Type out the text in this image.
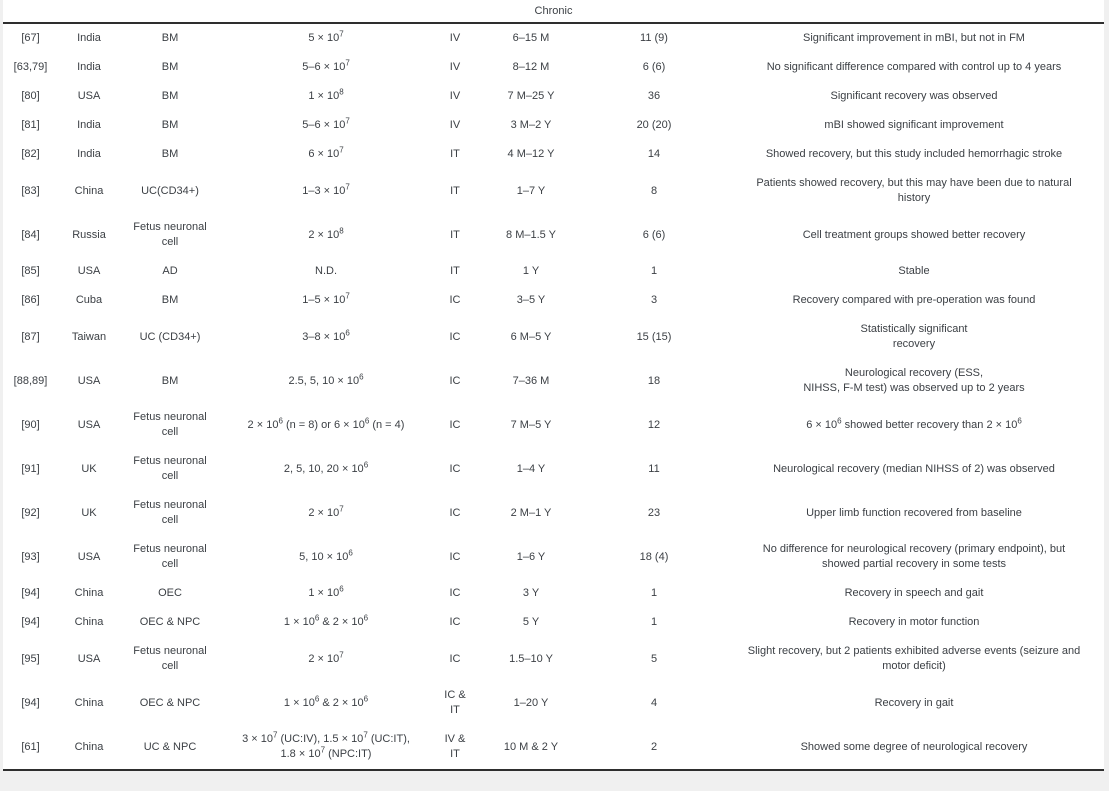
Chronic							
[67]	India	BM	$5 \times 10^7$	IV	6–15 M	11 (9)	Significant improvement in mBI, but not in FM
[63,79]	India	BM	$5-6 \times 10^7$	IV	8–12 M	6 (6)	No significant difference compared with control up to 4 years
[80]	USA	BM	$1 \times 10^8$	IV	7 M–25 Y	36	Significant recovery was observed
[81]	India	BM	$5-6 \times 10^7$	IV	3 M–2 Y	20 (20)	mBI showed significant improvement
[82]	India	BM	$6 \times 10^7$	IT	4 M–12 Y	14	Showed recovery, but this study included hemorrhagic stroke
[83]	China	UC(CD34+)	$1-3 \times 10^7$	IT	1–7 Y	8	Patients showed recovery, but this may have been due to natural
history
[84]	Russia	Fetus neuronal cell	$2 \times 10^8$	IT	8 M–1.5 Y	6 (6)	Cell treatment groups showed better recovery
[85]	USA	AD	N.D.	IT	1 Y	1	Stable
[86]	Cuba	BM	$1-5 \times 10^7$	IC	3–5 Y	3	Recovery compared with pre-operation was found
[87]	Taiwan	UC (CD34+)	$3-8 \times 10^6$	IC	6 M–5 Y	15 (15)	Statistically significant
recovery
[88,89]	USA	BM	2.5, 5, $10 \times 10^6$	IC	7–36 M	18	Neurological recovery (ESS,
NIHSS, F-M test) was observed up to 2 years
[90]	USA	Fetus neuronal cell	$2 \times 10^6$ (n = 8) or $6 \times 10^6$ (n = 4)	IC	7 M–5 Y	12	$6 \times 10^6$ showed better recovery than $2 \times 10^6$
[91]	UK	Fetus neuronal cell	2, 5, 10, $20 \times 10^6$	IC	1–4 Y	11	Neurological recovery (median NIHSS of 2) was observed
[92]	UK	Fetus neuronal cell	$2 \times 10^7$	IC	2 M–1 Y	23	Upper limb function recovered from baseline
[93]	USA	Fetus neuronal cell	5, $10 \times 10^6$	IC	1–6 Y	18 (4)	No difference for neurological recovery (primary endpoint), but
showed partial recovery in some tests
[94]	China	OEC	$1 \times 10^6$	IC	3 Y	1	Recovery in speech and gait
[94]	China	OEC & NPC	$1 \times 10^6$ & $2 \times 10^6$	IC	5 Y	1	Recovery in motor function
[95]	USA	Fetus neuronal cell	$2 \times 10^7$	IC	1.5–10 Y	5	Slight recovery, but 2 patients exhibited adverse events (seizure and
motor deficit)
[94]	China	OEC & NPC	$1 \times 10^6$ & $2 \times 10^6$	IC &
IT	1–20 Y	4	Recovery in gait
[61]	China	UC & NPC	$3 \times 10^7$ (UC:IV), $1.5 \times 10^7$ (UC:IT),
$1.8 \times 10^7$ (NPC:IT)	IV &
IT	10 M & 2 Y	2	Showed some degree of neurological recovery
